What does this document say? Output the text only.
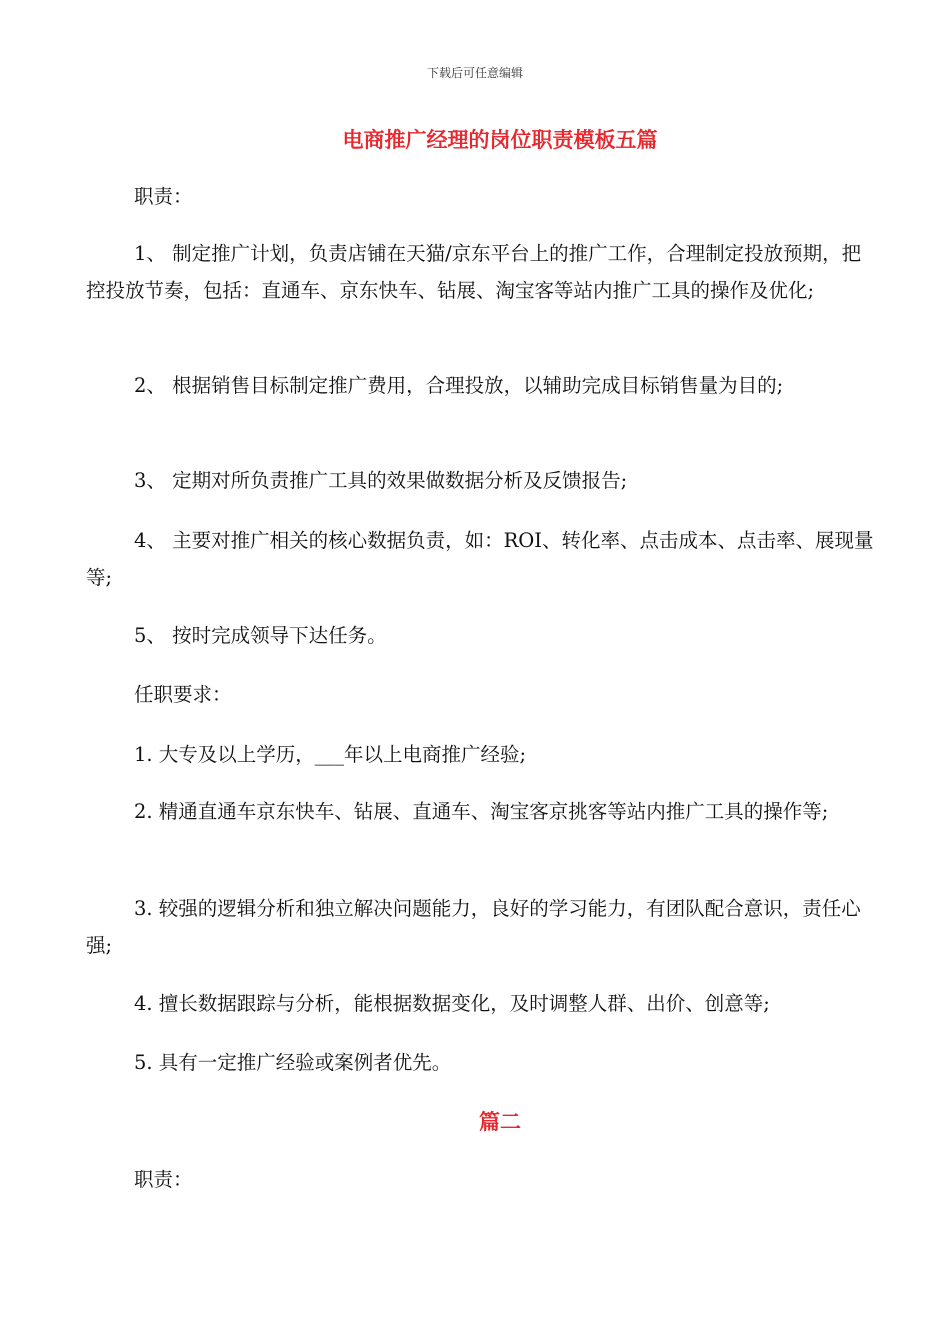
下载后可任意编辑
电商推广经理的岗位职责模板五篇
职责：
1、 制定推广计划，负责店铺在天猫/京东平台上的推广工作，合理制定投放预期，把控投放节奏，包括：直通车、京东快车、钻展、淘宝客等站内推广工具的操作及优化;
2、 根据销售目标制定推广费用，合理投放，以辅助完成目标销售量为目的;
3、 定期对所负责推广工具的效果做数据分析及反馈报告;
4、 主要对推广相关的核心数据负责，如：ROI、转化率、点击成本、点击率、展现量等;
5、 按时完成领导下达任务。
任职要求：
1. 大专及以上学历，___年以上电商推广经验;
2. 精通直通车京东快车、钻展、直通车、淘宝客京挑客等站内推广工具的操作等;
3. 较强的逻辑分析和独立解决问题能力，良好的学习能力，有团队配合意识，责任心强;
4. 擅长数据跟踪与分析，能根据数据变化，及时调整人群、出价、创意等;
5. 具有一定推广经验或案例者优先。
篇二
职责：
